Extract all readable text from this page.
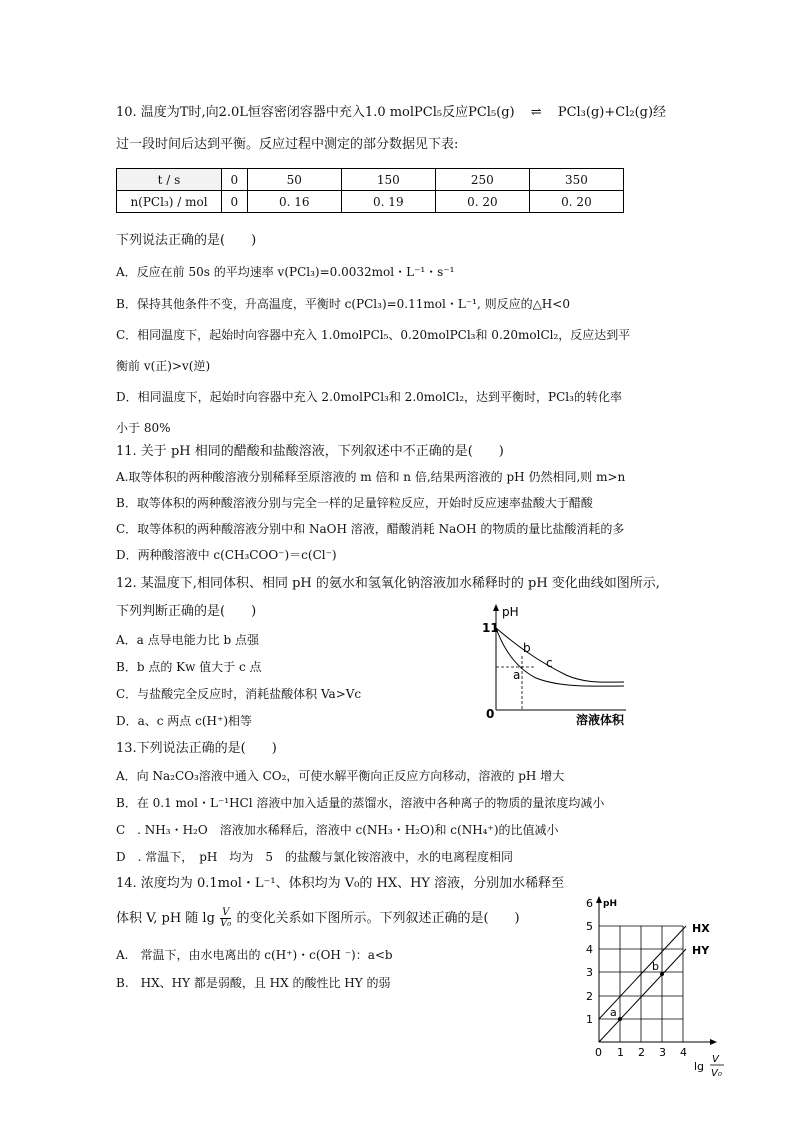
10. 温度为T时,向2.0L恒容密闭容器中充入1.0 molPCl₅反应PCl₅(g) ⇌ PCl₃(g)+Cl₂(g)经
过一段时间后达到平衡。反应过程中测定的部分数据见下表:
t / s	0	50	150	250	350
n(PCl₃) / mol	0	0. 16	0. 19	0. 20	0. 20
下列说法正确的是(　　)
A．反应在前 50s 的平均速率 v(PCl₃)=0.0032mol・L⁻¹・s⁻¹
B．保持其他条件不变，升高温度，平衡时 c(PCl₃)=0.11mol・L⁻¹, 则反应的△H<0
C．相同温度下，起始时向容器中充入 1.0molPCl₅、0.20molPCl₃和 0.20molCl₂，反应达到平
衡前 v(正)>v(逆)
D．相同温度下，起始时向容器中充入 2.0molPCl₃和 2.0molCl₂，达到平衡时，PCl₃的转化率
小于 80%
11. 关于 pH 相同的醋酸和盐酸溶液，下列叙述中不正确的是(　　)
A.取等体积的两种酸溶液分别稀释至原溶液的 m 倍和 n 倍,结果两溶液的 pH 仍然相同,则 m>n
B．取等体积的两种酸溶液分别与完全一样的足量锌粒反应，开始时反应速率盐酸大于醋酸
C．取等体积的两种酸溶液分别中和 NaOH 溶液，醋酸消耗 NaOH 的物质的量比盐酸消耗的多
D．两种酸溶液中 c(CH₃COO⁻)＝c(Cl⁻)
12. 某温度下,相同体积、相同 pH 的氨水和氢氧化钠溶液加水稀释时的 pH 变化曲线如图所示,
下列判断正确的是(　　)
A．a 点导电能力比 b 点强
B．b 点的 Kw 值大于 c 点
C．与盐酸完全反应时，消耗盐酸体积 Va>Vc
D．a、c 两点 c(H⁺)相等
pH
11
0	溶液体积
a
b
c
13.下列说法正确的是(　　)
A．向 Na₂CO₃溶液中通入 CO₂，可使水解平衡向正反应方向移动，溶液的 pH 增大
B．在 0.1 mol・L⁻¹HCl 溶液中加入适量的蒸馏水，溶液中各种离子的物质的量浓度均减小
C　. NH₃・H₂O　溶液加水稀释后，溶液中 c(NH₃・H₂O)和 c(NH₄⁺)的比值减小
D　. 常温下，　pH　均为　5　的盐酸与氯化铵溶液中，水的电离程度相同
14. 浓度均为 0.1mol・L⁻¹、体积均为 V₀的 HX、HY 溶液，分别加水稀释至
体积 V, pH 随 $\lg \frac{V}{\text{V₀}}$ 的变化关系如下图所示。下列叙述正确的是(　　)
A.　常温下，由水电离出的 c(H⁺)・c(OH ⁻)：a<b
B.　HX、HY 都是弱酸，且 HX 的酸性比 HY 的弱
pH
1
2
3
4
5
6
0 1 2 3 4
lg
V
V₀
HX
HY
a
b
